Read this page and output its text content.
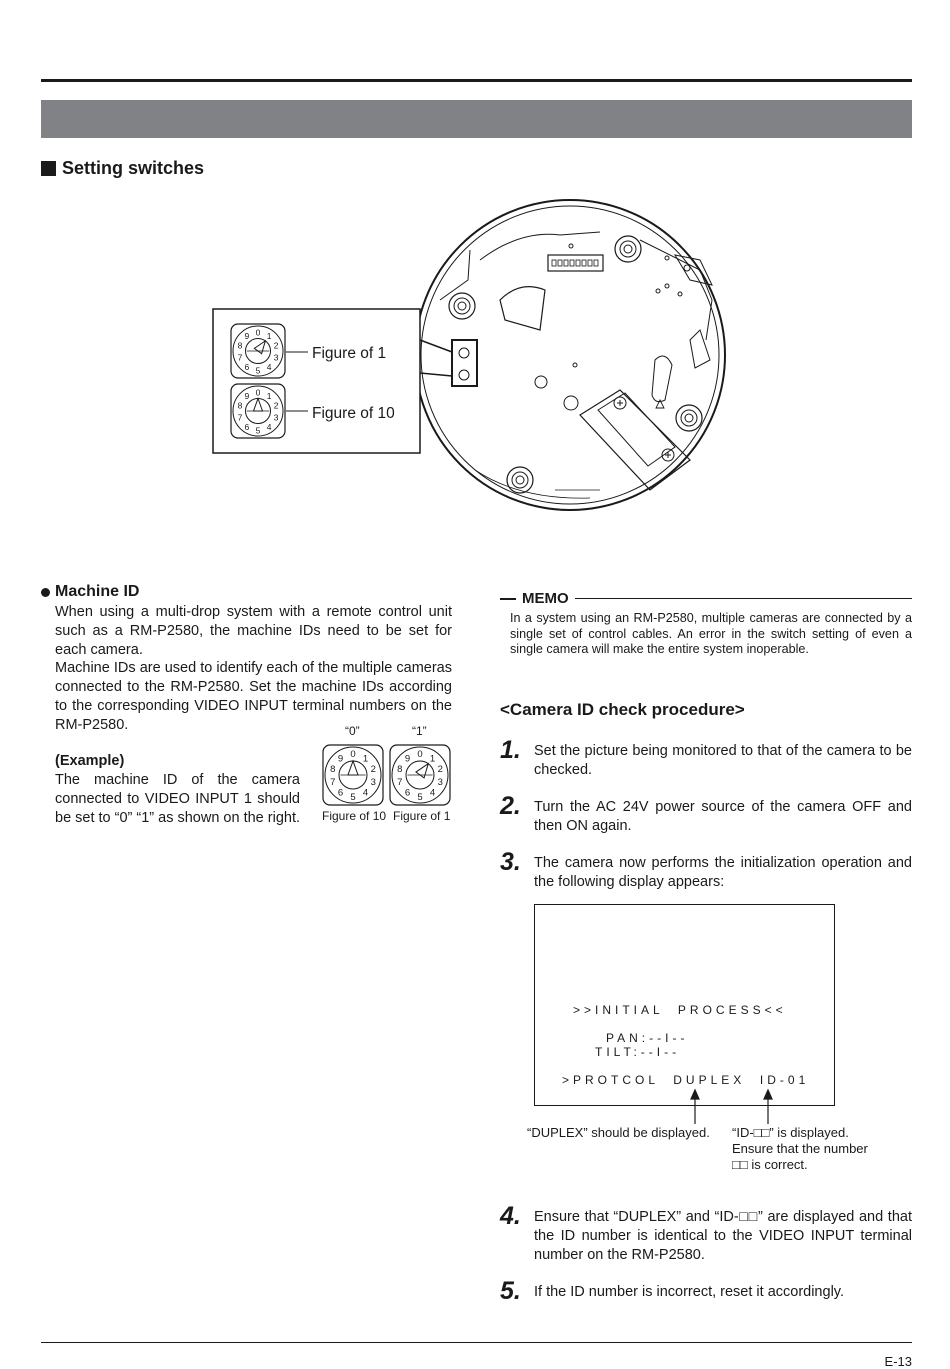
Setting switches
0 1
2
3
4
5
6
7
8
9
0 1
2
3
4
5
6
7
8
9
Figure of 1
Figure of 10
Machine ID

When using a multi-drop system with a remote control unit such as a RM-P2580, the machine IDs need to be set for each camera.

Machine IDs are used to identify each of the multiple cameras connected to the RM-P2580. Set the machine IDs according to the corresponding VIDEO INPUT terminal numbers on the RM-P2580.

(Example)

The machine ID of the camera connected to VIDEO INPUT 1 should be set to “0” “1” as shown on the right.

“0”	“1”
0 1
2
3
4
5
6
7
8
9	0 1
2
3
4
5
6
7
8
9
Figure of 10 Figure of 1
MEMO
In a system using an RM-P2580, multiple cameras are connected by a single set of control cables. An error in the switch setting of even a single camera will make the entire system inoperable.
<Camera ID check procedure>
1. Set the picture being monitored to that of the camera to be checked.
2. Turn the AC 24V power source of the camera OFF and then ON again.
3. The camera now performs the initialization operation and the following display appears:
>>INITIAL  PROCESS<<
PAN:--I--
TILT:--I--
>PROTCOL  DUPLEX  ID-01
“DUPLEX” should be displayed. “ID-□□” is displayed.
Ensure that the number
□□ is correct.
4. Ensure that “DUPLEX” and “ID-□□” are displayed and that the ID number is identical to the VIDEO INPUT terminal number on the RM-P2580.
5. If the ID number is incorrect, reset it accordingly.
E-13
